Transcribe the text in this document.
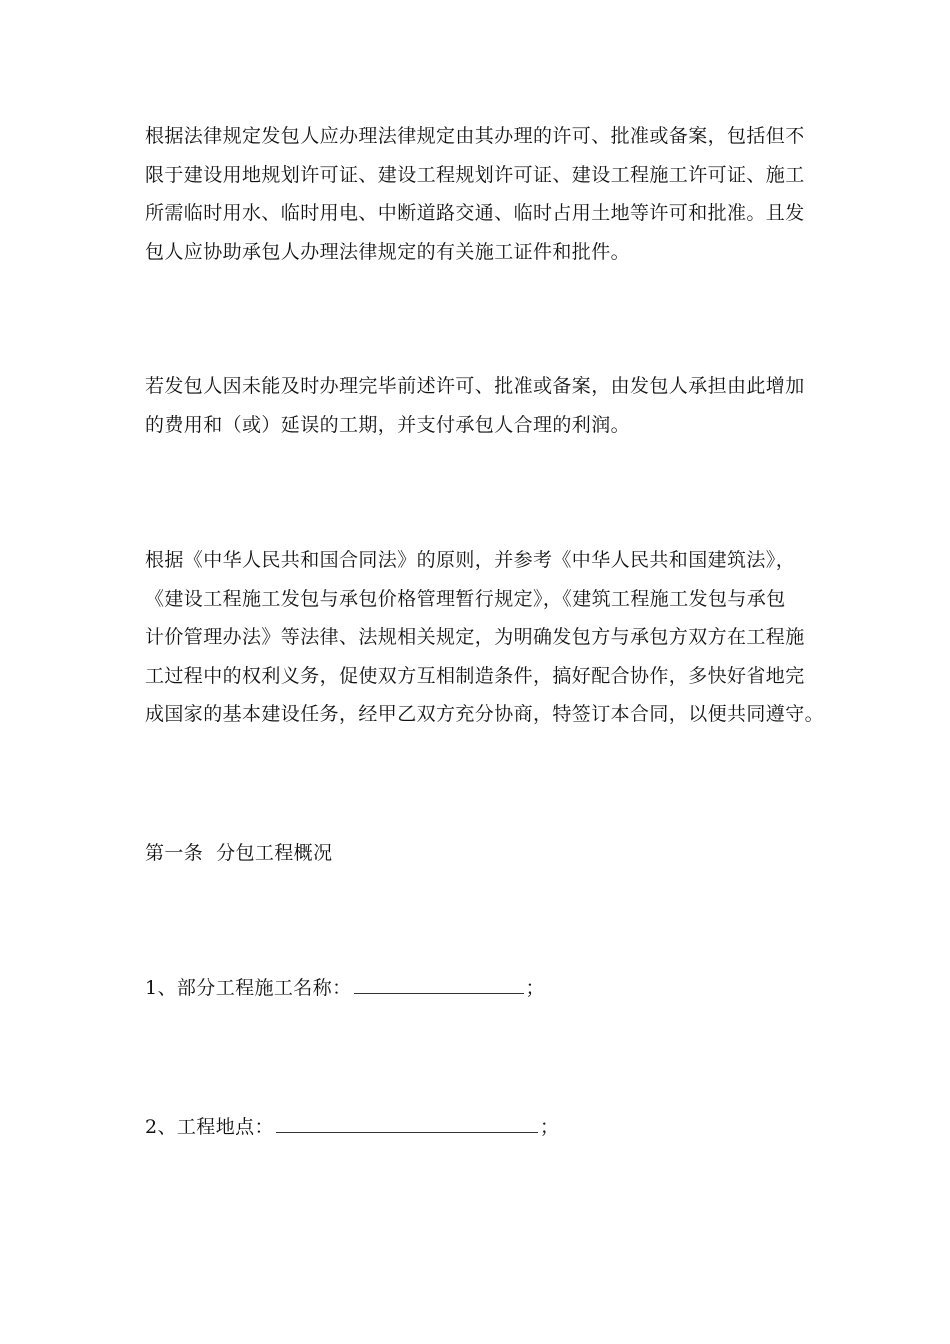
根据法律规定发包人应办理法律规定由其办理的许可、批准或备案，包括但不
限于建设用地规划许可证、建设工程规划许可证、建设工程施工许可证、施工
所需临时用水、临时用电、中断道路交通、临时占用土地等许可和批准。且发
包人应协助承包人办理法律规定的有关施工证件和批件。

若发包人因未能及时办理完毕前述许可、批准或备案，由发包人承担由此增加
的费用和（或）延误的工期，并支付承包人合理的利润。

根据《中华人民共和国合同法》的原则，并参考《中华人民共和国建筑法》，
《建设工程施工发包与承包价格管理暂行规定》，《建筑工程施工发包与承包
计价管理办法》等法律、法规相关规定，为明确发包方与承包方双方在工程施
工过程中的权利义务，促使双方互相制造条件，搞好配合协作，多快好省地完
成国家的基本建设任务，经甲乙双方充分协商，特签订本合同，以便共同遵守。

第一条  分包工程概况

1、部分工程施工名称：	；

2、工程地点：	；
